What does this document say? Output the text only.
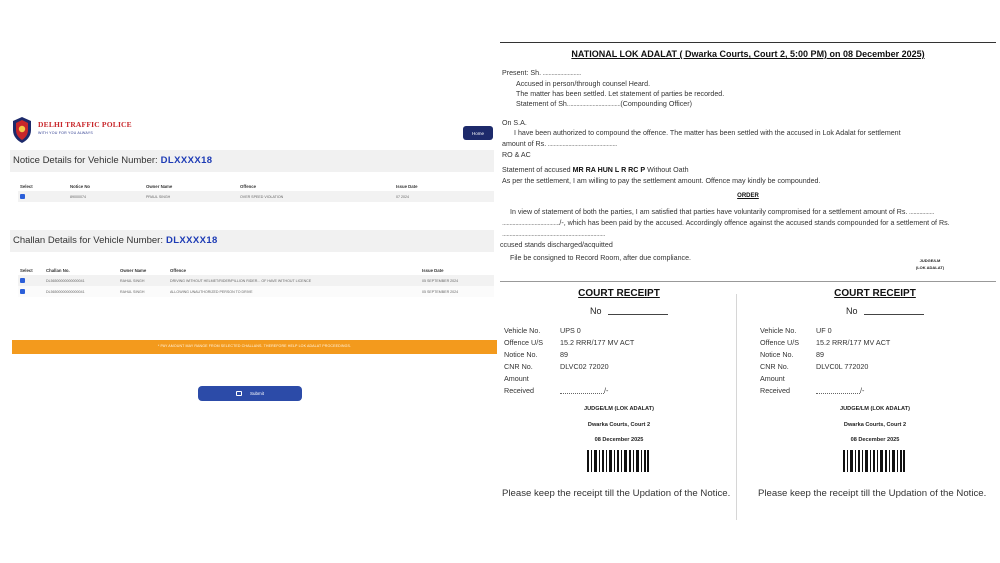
DELHI TRAFFIC POLICE
WITH YOU FOR YOU ALWAYS	Home
Notice Details for Vehicle Number: DLXXXX18
Select	Notice No	Owner Name	Offence	Issue Date
	89000074	PRAUL SINGH	OVER SPEED VIOLATION	07 2024
Challan Details for Vehicle Number: DLXXXX18
Select	Challan No.	Owner Name	Offence	Issue Date
	DL56500000000000041	RAHUL SINGH	DRIVING WITHOUT HELMET/RIDER/PILLION RIDER... OF HAVE WITHOUT LICENCE	05 SEPTEMBER 2024
	DL56500000000000041	RAHUL SINGH	ALLOWING UNAUTHORIZED PERSON TO DRIVE	05 SEPTEMBER 2024
* PAY AMOUNT MAY RANGE FROM SELECTED CHALLANS. THEREFORE HELP LOK ADALAT PROCEEDINGS.
Submit
NATIONAL LOK ADALAT ( Dwarka Courts, Court 2, 5:00 PM) on 08 December 2025)
Present: Sh. ..........................
Accused in person/through counsel Heard.
The matter has been settled. Let statement of parties be recorded.
Statement of Sh....................................(Compounding Officer)
On S.A.
I have been authorized to compound the offence. The matter has been settled with the accused in Lok Adalat for settlement
amount of Rs. ...............................................
RO & AC
Statement of accused MR RA HUN L R RC P Without Oath
As per the settlement, I am willing to pay the settlement amount. Offence may kindly be compounded.
ORDER
In view of statement of both the parties, I am satisfied that parties have voluntarily compromised for a settlement amount of Rs. .................
......................................./-, which has been paid by the accused. Accordingly offence against the accused stands compounded for a settlement of Rs.
......................................................................
ccused stands discharged/acquitted
File be consigned to Record Room, after due compliance.	JUDGE/LM
(LOK ADALAT)
COURT RECEIPT
No
Vehicle No.	UPS 0
Offence U/S 15.2 RRR/177 MV ACT
Notice No.	89
CNR No.	DLVC02 72020
Amount
Received	/-
JUDGE/LM (LOK ADALAT)
Dwarka Courts, Court 2
08 December 2025
Please keep the receipt till the Updation of the Notice.
COURT RECEIPT
No
Vehicle No.	UF 0
Offence U/S 15.2 RRR/177 MV ACT
Notice No.	89
CNR No.	DLVC0L 772020
Amount
Received	/-
JUDGE/LM (LOK ADALAT)
Dwarka Courts, Court 2
08 December 2025
Please keep the receipt till the Updation of the Notice.
